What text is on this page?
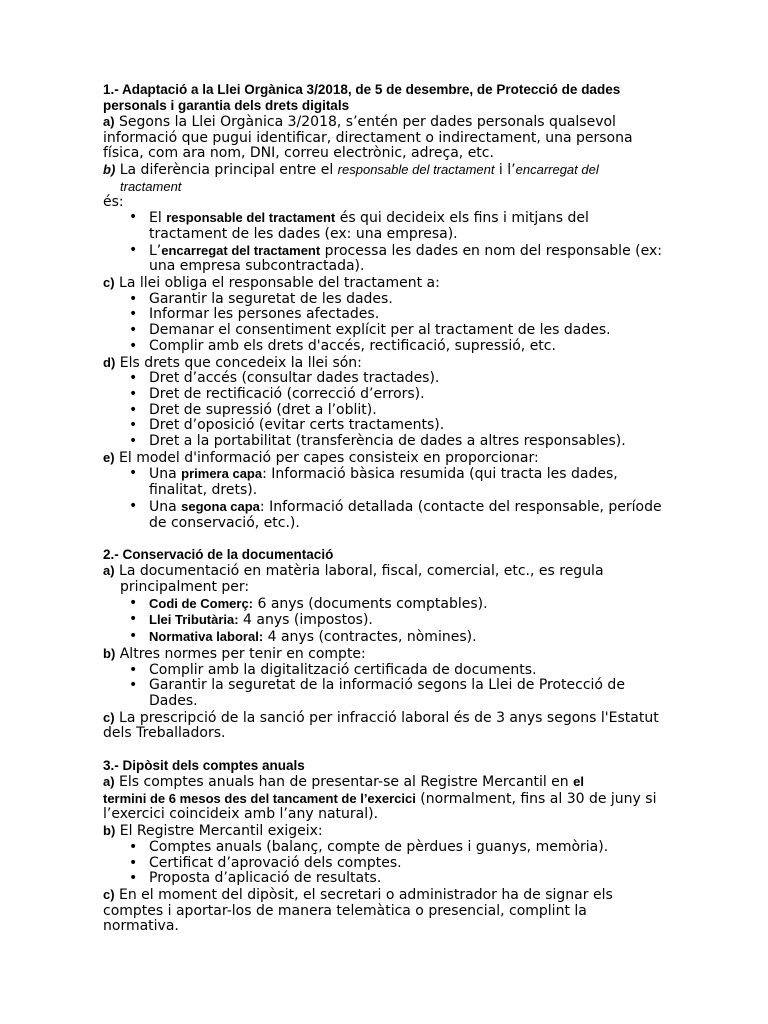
1.- Adaptació a la Llei Orgànica 3/2018, de 5 de desembre, de Protecció de dades
personals i garantia dels drets digitals
a) Segons la Llei Orgànica 3/2018, s’entén per dades personals qualsevol informació que pugui identificar, directament o indirectament, una persona física, com ara nom, DNI, correu electrònic, adreça, etc.
b) La diferència principal entre el responsable del tractament i l’encarregat del
tractament
és:
• El responsable del tractament és qui decideix els fins i mitjans del tractament de les dades (ex: una empresa).
• L’encarregat del tractament processa les dades en nom del responsable (ex: una empresa subcontractada).
c) La llei obliga el responsable del tractament a:
• Garantir la seguretat de les dades.
• Informar les persones afectades.
• Demanar el consentiment explícit per al tractament de les dades.
• Complir amb els drets d'accés, rectificació, supressió, etc.
d) Els drets que concedeix la llei són:
• Dret d’accés (consultar dades tractades).
• Dret de rectificació (correcció d’errors).
• Dret de supressió (dret a l’oblit).
• Dret d’oposició (evitar certs tractaments).
• Dret a la portabilitat (transferència de dades a altres responsables).
e) El model d'informació per capes consisteix en proporcionar:
• Una primera capa: Informació bàsica resumida (qui tracta les dades, finalitat, drets).
• Una segona capa: Informació detallada (contacte del responsable, període de conservació, etc.).
2.- Conservació de la documentació
a) La documentació en matèria laboral, fiscal, comercial, etc., es regula
principalment per:
• Codi de Comerç: 6 anys (documents comptables).
• Llei Tributària: 4 anys (impostos).
• Normativa laboral: 4 anys (contractes, nòmines).
b) Altres normes per tenir en compte:
• Complir amb la digitalització certificada de documents.
• Garantir la seguretat de la informació segons la Llei de Protecció de Dades.
c) La prescripció de la sanció per infracció laboral és de 3 anys segons l'Estatut dels Treballadors.
3.- Dipòsit dels comptes anuals
a) Els comptes anuals han de presentar-se al Registre Mercantil en el
termini de 6 mesos des del tancament de l’exercici (normalment, fins al 30 de juny si l’exercici coincideix amb l’any natural).
b) El Registre Mercantil exigeix:
• Comptes anuals (balanç, compte de pèrdues i guanys, memòria).
• Certificat d’aprovació dels comptes.
• Proposta d’aplicació de resultats.
c) En el moment del dipòsit, el secretari o administrador ha de signar els comptes i aportar-los de manera telemàtica o presencial, complint la normativa.
